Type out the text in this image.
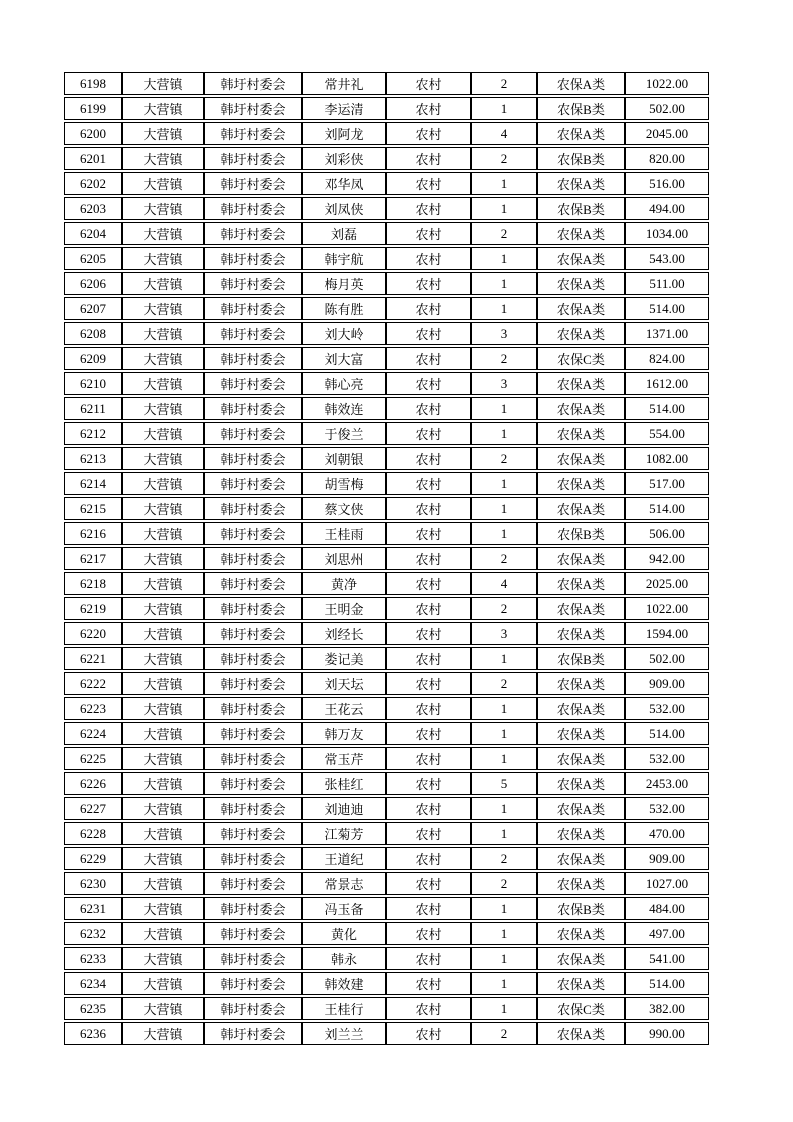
6198	大营镇	韩圩村委会	常井礼	农村	2	农保A类	1022.00
6199	大营镇	韩圩村委会	李运清	农村	1	农保B类	502.00
6200	大营镇	韩圩村委会	刘阿龙	农村	4	农保A类	2045.00
6201	大营镇	韩圩村委会	刘彩侠	农村	2	农保B类	820.00
6202	大营镇	韩圩村委会	邓华凤	农村	1	农保A类	516.00
6203	大营镇	韩圩村委会	刘凤侠	农村	1	农保B类	494.00
6204	大营镇	韩圩村委会	刘磊	农村	2	农保A类	1034.00
6205	大营镇	韩圩村委会	韩宇航	农村	1	农保A类	543.00
6206	大营镇	韩圩村委会	梅月英	农村	1	农保A类	511.00
6207	大营镇	韩圩村委会	陈有胜	农村	1	农保A类	514.00
6208	大营镇	韩圩村委会	刘大岭	农村	3	农保A类	1371.00
6209	大营镇	韩圩村委会	刘大富	农村	2	农保C类	824.00
6210	大营镇	韩圩村委会	韩心亮	农村	3	农保A类	1612.00
6211	大营镇	韩圩村委会	韩效连	农村	1	农保A类	514.00
6212	大营镇	韩圩村委会	于俊兰	农村	1	农保A类	554.00
6213	大营镇	韩圩村委会	刘朝银	农村	2	农保A类	1082.00
6214	大营镇	韩圩村委会	胡雪梅	农村	1	农保A类	517.00
6215	大营镇	韩圩村委会	蔡文侠	农村	1	农保A类	514.00
6216	大营镇	韩圩村委会	王桂雨	农村	1	农保B类	506.00
6217	大营镇	韩圩村委会	刘思州	农村	2	农保A类	942.00
6218	大营镇	韩圩村委会	黄净	农村	4	农保A类	2025.00
6219	大营镇	韩圩村委会	王明金	农村	2	农保A类	1022.00
6220	大营镇	韩圩村委会	刘经长	农村	3	农保A类	1594.00
6221	大营镇	韩圩村委会	娄记美	农村	1	农保B类	502.00
6222	大营镇	韩圩村委会	刘天坛	农村	2	农保A类	909.00
6223	大营镇	韩圩村委会	王花云	农村	1	农保A类	532.00
6224	大营镇	韩圩村委会	韩万友	农村	1	农保A类	514.00
6225	大营镇	韩圩村委会	常玉芹	农村	1	农保A类	532.00
6226	大营镇	韩圩村委会	张桂红	农村	5	农保A类	2453.00
6227	大营镇	韩圩村委会	刘迪迪	农村	1	农保A类	532.00
6228	大营镇	韩圩村委会	江菊芳	农村	1	农保A类	470.00
6229	大营镇	韩圩村委会	王道纪	农村	2	农保A类	909.00
6230	大营镇	韩圩村委会	常景志	农村	2	农保A类	1027.00
6231	大营镇	韩圩村委会	冯玉备	农村	1	农保B类	484.00
6232	大营镇	韩圩村委会	黄化	农村	1	农保A类	497.00
6233	大营镇	韩圩村委会	韩永	农村	1	农保A类	541.00
6234	大营镇	韩圩村委会	韩效建	农村	1	农保A类	514.00
6235	大营镇	韩圩村委会	王桂行	农村	1	农保C类	382.00
6236	大营镇	韩圩村委会	刘兰兰	农村	2	农保A类	990.00
